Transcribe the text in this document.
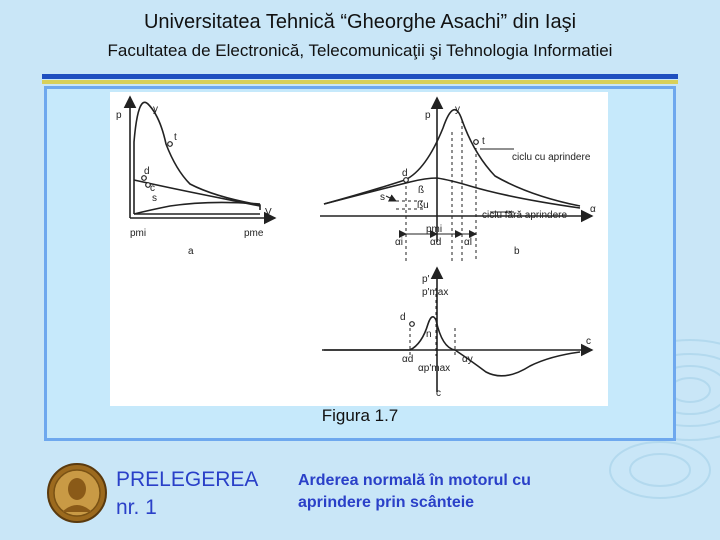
Universitatea Tehnică “Gheorghe Asachi” din Iaşi
Facultatea de Electronică, Telecomunicaţii şi Tehnologia Informatiei
p
y
t
d
c
s
V
pmi	pme
a
p
y
t
d
s
ß
ßu
pmi
α
αi	αd αl
b
ciclu cu aprindere
ciclu fără aprindere
p'
p'max
d
n
αd
αp'max
αy
c
c
Figura 1.7
PRELEGEREA
nr. 1
Arderea normală în motorul cu
aprindere prin scânteie
